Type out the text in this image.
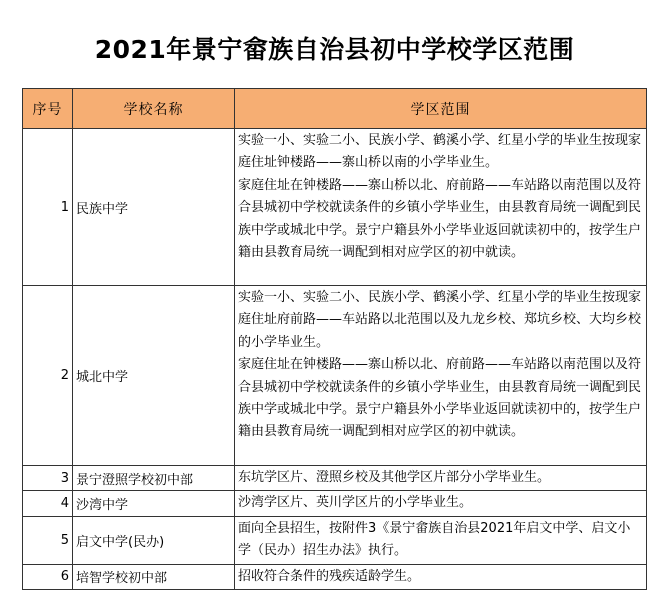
2021年景宁畲族自治县初中学校学区范围
序号	学校名称	学区范围
1	民族中学	实验一小、实验二小、民族小学、鹤溪小学、红星小学的毕业生按现家庭住址钟楼路——寨山桥以南的小学毕业生。
家庭住址在钟楼路——寨山桥以北、府前路——车站路以南范围以及符合县城初中学校就读条件的乡镇小学毕业生，由县教育局统一调配到民族中学或城北中学。景宁户籍县外小学毕业返回就读初中的，按学生户籍由县教育局统一调配到相对应学区的初中就读。

2	城北中学	实验一小、实验二小、民族小学、鹤溪小学、红星小学的毕业生按现家庭住址府前路——车站路以北范围以及九龙乡校、郑坑乡校、大均乡校的小学毕业生。
家庭住址在钟楼路——寨山桥以北、府前路——车站路以南范围以及符合县城初中学校就读条件的乡镇小学毕业生，由县教育局统一调配到民族中学或城北中学。景宁户籍县外小学毕业返回就读初中的，按学生户籍由县教育局统一调配到相对应学区的初中就读。

3	景宁澄照学校初中部	东坑学区片、澄照乡校及其他学区片部分小学毕业生。
4	沙湾中学	沙湾学区片、英川学区片的小学毕业生。
5	启文中学(民办)	面向全县招生，按附件3《景宁畲族自治县2021年启文中学、启文小学（民办）招生办法》执行。
6	培智学校初中部	招收符合条件的残疾适龄学生。
